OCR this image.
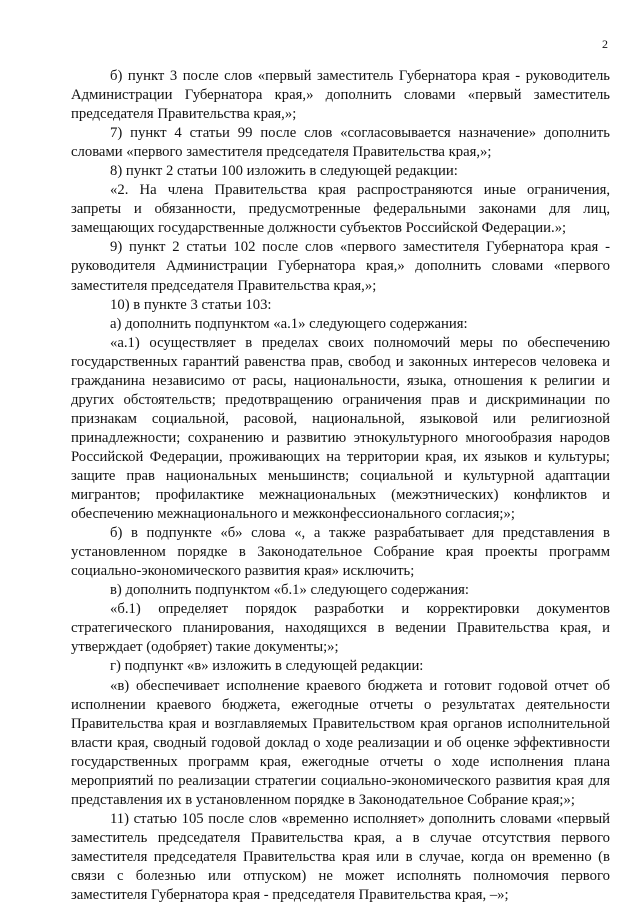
2

б) пункт 3 после слов «первый заместитель Губернатора края - руководитель Администрации Губернатора края,» дополнить словами «первый заместитель председателя Правительства края,»;

7) пункт 4 статьи 99 после слов «согласовывается назначение» дополнить словами «первого заместителя председателя Правительства края,»;

8) пункт 2 статьи 100 изложить в следующей редакции:

«2. На члена Правительства края распространяются иные ограничения, запреты и обязанности, предусмотренные федеральными законами для лиц, замещающих государственные должности субъектов Российской Федерации.»;

9) пункт 2 статьи 102 после слов «первого заместителя Губернатора края - руководителя Администрации Губернатора края,» дополнить словами «первого заместителя председателя Правительства края,»;

10) в пункте 3 статьи 103:

а) дополнить подпунктом «а.1» следующего содержания:

«а.1) осуществляет в пределах своих полномочий меры по обеспечению государственных гарантий равенства прав, свобод и законных интересов человека и гражданина независимо от расы, национальности, языка, отношения к религии и других обстоятельств; предотвращению ограничения прав и дискриминации по признакам социальной, расовой, национальной, языковой или религиозной принадлежности; сохранению и развитию этнокультурного многообразия народов Российской Федерации, проживающих на территории края, их языков и культуры; защите прав национальных меньшинств; социальной и культурной адаптации мигрантов; профилактике межнациональных (межэтнических) конфликтов и обеспечению межнационального и межконфессионального согласия;»;

б) в подпункте «б» слова «, а также разрабатывает для представления в установленном порядке в Законодательное Собрание края проекты программ социально-экономического развития края» исключить;

в) дополнить подпунктом «б.1» следующего содержания:

«б.1) определяет порядок разработки и корректировки документов стратегического планирования, находящихся в ведении Правительства края, и утверждает (одобряет) такие документы;»;

г) подпункт «в» изложить в следующей редакции:

«в) обеспечивает исполнение краевого бюджета и готовит годовой отчет об исполнении краевого бюджета, ежегодные отчеты о результатах деятельности Правительства края и возглавляемых Правительством края органов исполнительной власти края, сводный годовой доклад о ходе реализации и об оценке эффективности государственных программ края, ежегодные отчеты о ходе исполнения плана мероприятий по реализации стратегии социально-экономического развития края для представления их в установленном порядке в Законодательное Собрание края;»;

11) статью 105 после слов «временно исполняет» дополнить словами «первый заместитель председателя Правительства края, а в случае отсутствия первого заместителя председателя Правительства края или в случае, когда он временно (в связи с болезнью или отпуском) не может исполнять полномочия первого заместителя Губернатора края - председателя Правительства края, –»;
